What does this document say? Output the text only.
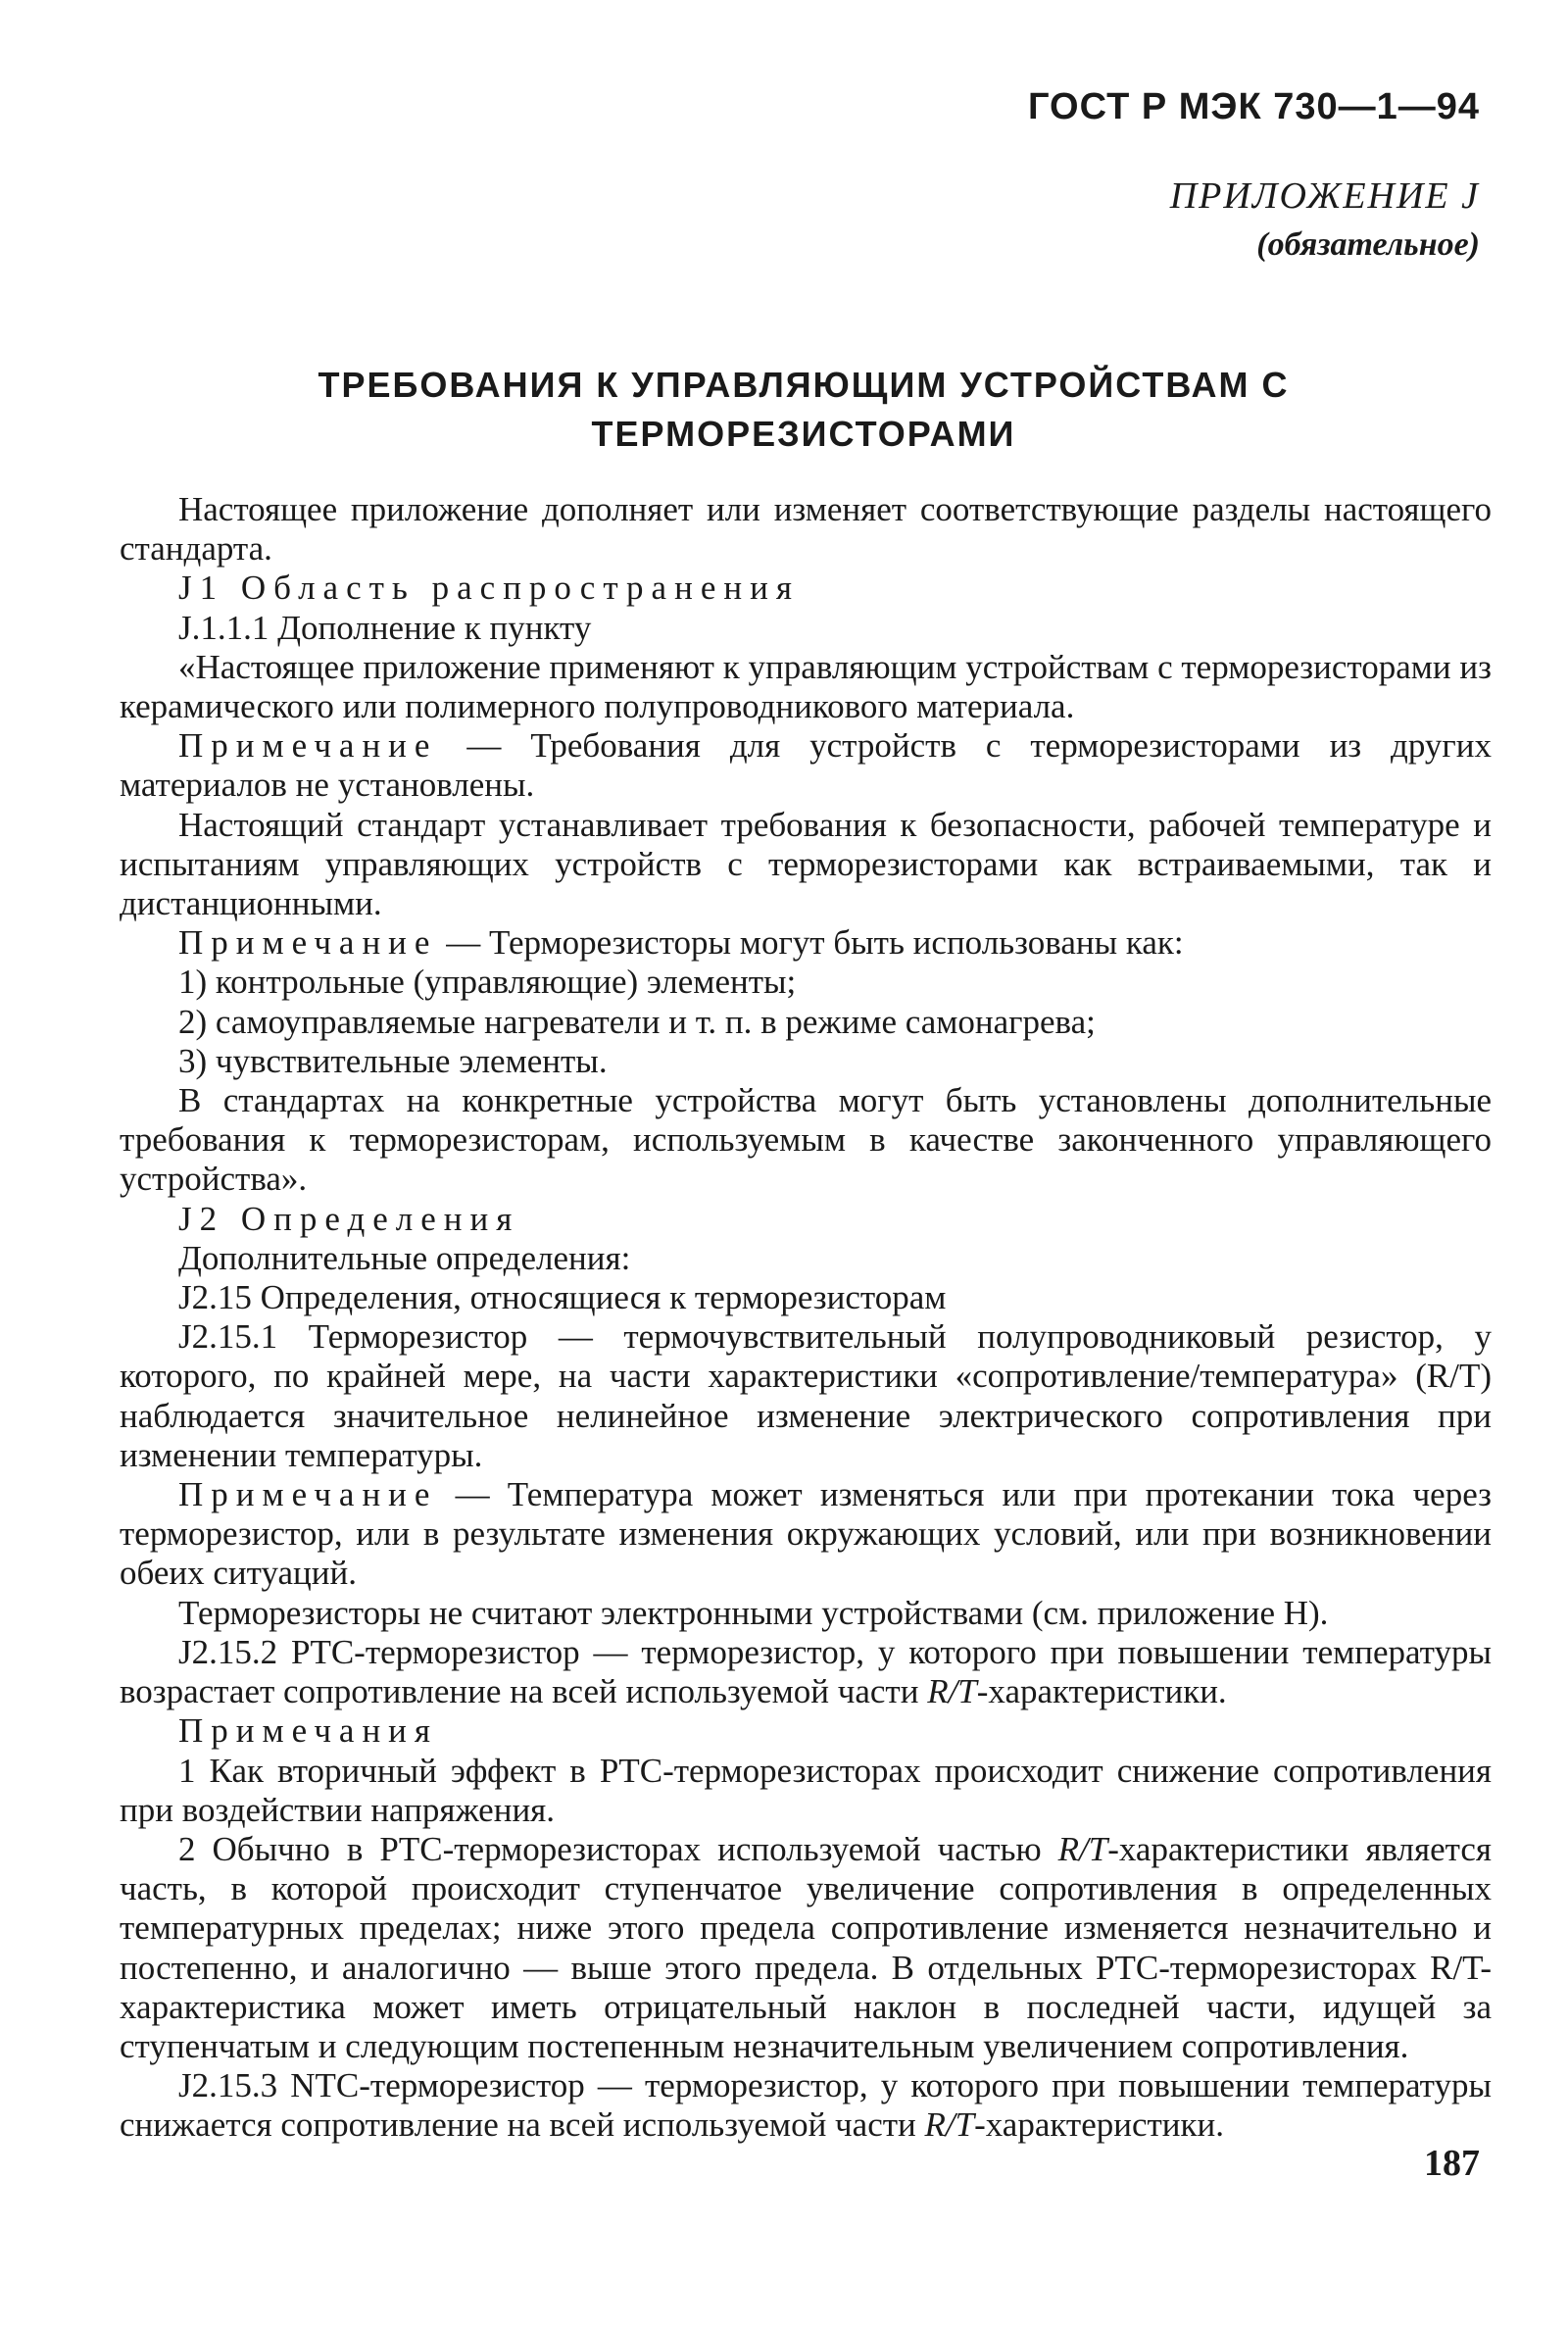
ГОСТ Р МЭК 730—1—94
ПРИЛОЖЕНИЕ J
(обязательное)
ТРЕБОВАНИЯ К УПРАВЛЯЮЩИМ УСТРОЙСТВАМ С ТЕРМОРЕЗИСТОРАМИ

Настоящее приложение дополняет или изменяет соответствующие разделы настоящего стандарта.

J1 Область распространения

J.1.1.1 Дополнение к пункту

«Настоящее приложение применяют к управляющим устройствам с терморезисторами из керамического или полимерного полупроводникового материала.

Примечание — Требования для устройств с терморезисторами из других материалов не установлены.

Настоящий стандарт устанавливает требования к безопасности, рабочей температуре и испытаниям управляющих устройств с терморезисторами как встраиваемыми, так и дистанционными.

Примечание — Терморезисторы могут быть использованы как:

1) контрольные (управляющие) элементы;

2) самоуправляемые нагреватели и т. п. в режиме самонагрева;

3) чувствительные элементы.

В стандартах на конкретные устройства могут быть установлены дополнительные требования к терморезисторам, используемым в качестве законченного управляющего устройства».

J2 Определения

Дополнительные определения:

J2.15 Определения, относящиеся к терморезисторам

J2.15.1 Терморезистор — термочувствительный полупроводниковый резистор, у которого, по крайней мере, на части характеристики «сопротивление/температура» (R/T) наблюдается значительное нелинейное изменение электрического сопротивления при изменении температуры.

Примечание — Температура может изменяться или при протекании тока через терморезистор, или в результате изменения окружающих условий, или при возникновении обеих ситуаций.

Терморезисторы не считают электронными устройствами (см. приложение Н).

J2.15.2 PTC-терморезистор — терморезистор, у которого при повышении температуры возрастает сопротивление на всей используемой части R/T-характеристики.

Примечания

1 Как вторичный эффект в PTC-терморезисторах происходит снижение сопротивления при воздействии напряжения.

2 Обычно в PTC-терморезисторах используемой частью R/T-характеристики является часть, в которой происходит ступенчатое увеличение сопротивления в определенных температурных пределах; ниже этого предела сопротивление изменяется незначительно и постепенно, и аналогично — выше этого предела. В отдельных PTC-терморезисторах R/T-характеристика может иметь отрицательный наклон в последней части, идущей за ступенчатым и следующим постепенным незначительным увеличением сопротивления.

J2.15.3 NTC-терморезистор — терморезистор, у которого при повышении температуры снижается сопротивление на всей используемой части R/T-характеристики.

187
